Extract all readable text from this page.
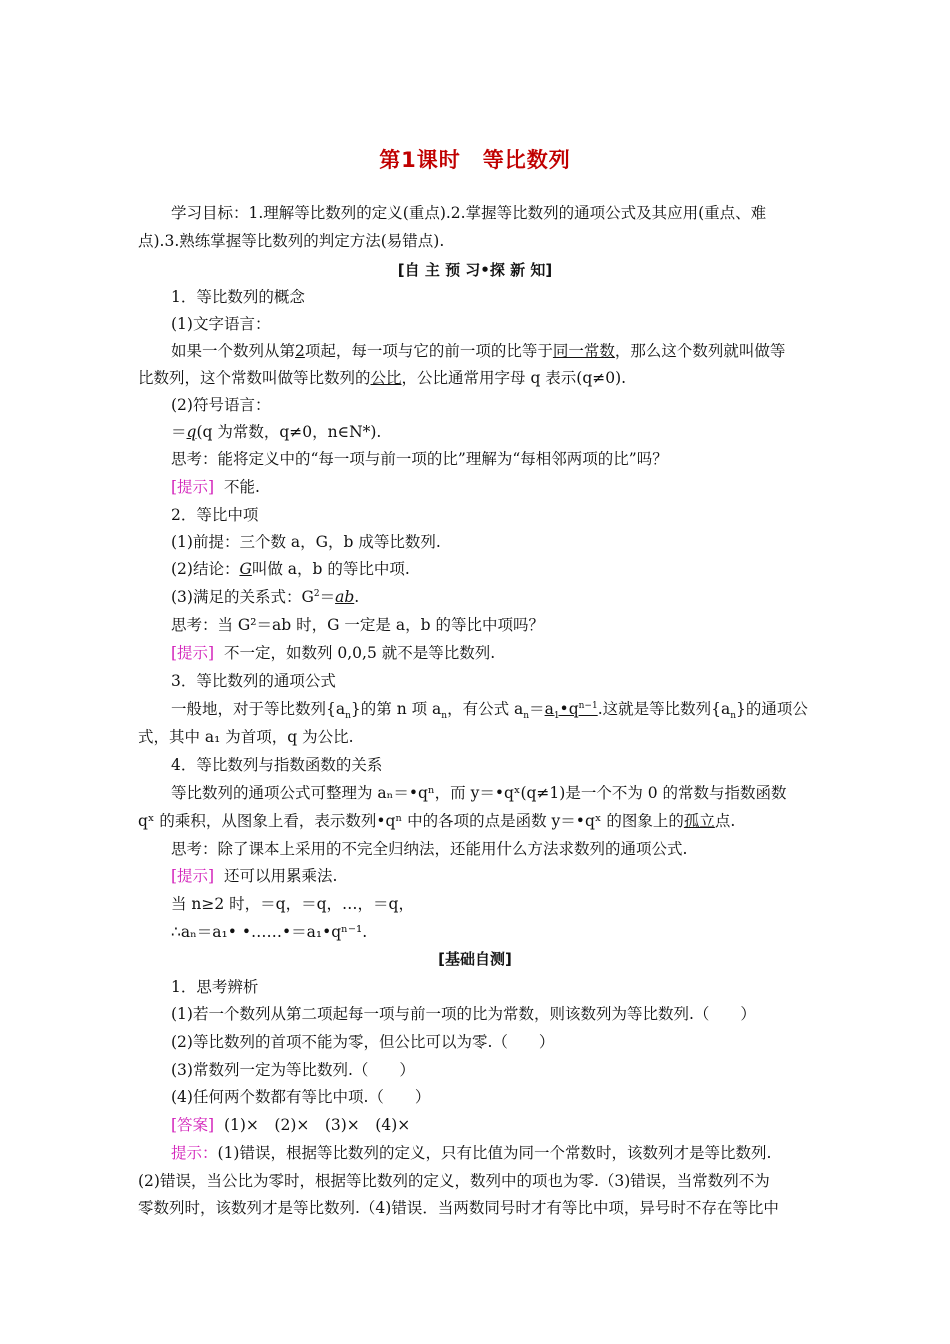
第1课时　等比数列
学习目标：1.理解等比数列的定义(重点).2.掌握等比数列的通项公式及其应用(重点、难
点).3.熟练掌握等比数列的判定方法(易错点).
[自 主 预 习•探 新 知]
1．等比数列的概念
(1)文字语言：
如果一个数列从第2项起，每一项与它的前一项的比等于同一常数，那么这个数列就叫做等
比数列，这个常数叫做等比数列的公比，公比通常用字母 q 表示(q≠0).
(2)符号语言：
＝q(q 为常数，q≠0，n∈N*).
思考：能将定义中的“每一项与前一项的比”理解为“每相邻两项的比”吗？
[提示] 不能.
2．等比中项
(1)前提：三个数 a，G，b 成等比数列.
(2)结论：G叫做 a，b 的等比中项.
(3)满足的关系式：$G^2=ab$.
思考：当 G²＝ab 时，G 一定是 a，b 的等比中项吗？
[提示] 不一定，如数列 0,0,5 就不是等比数列.
3．等比数列的通项公式
一般地，对于等比数列$\{a_n\}$的第 n 项 $a_n$，有公式 $a_n=a_1•q^{n-1}$.这就是等比数列$\{a_n\}$的通项公
式，其中 a₁ 为首项，q 为公比.
4．等比数列与指数函数的关系
等比数列的通项公式可整理为 aₙ＝•qⁿ，而 y＝•qˣ(q≠1)是一个不为 0 的常数与指数函数
qˣ 的乘积，从图象上看，表示数列•qⁿ 中的各项的点是函数 y＝•qˣ 的图象上的孤立点.
思考：除了课本上采用的不完全归纳法，还能用什么方法求数列的通项公式.
[提示] 还可以用累乘法.
当 n≥2 时，＝q，＝q，…，＝q，
∴aₙ＝a₁• •……•＝a₁•qⁿ⁻¹.
[基础自测]
1．思考辨析
(1)若一个数列从第二项起每一项与前一项的比为常数，则该数列为等比数列.（　　）
(2)等比数列的首项不能为零，但公比可以为零.（　　）
(3)常数列一定为等比数列.（　　）
(4)任何两个数都有等比中项.（　　）
[答案] (1)×　(2)×　(3)×　(4)×
提示：(1)错误，根据等比数列的定义，只有比值为同一个常数时，该数列才是等比数列.
(2)错误，当公比为零时，根据等比数列的定义，数列中的项也为零.（3)错误，当常数列不为
零数列时，该数列才是等比数列.（4)错误．当两数同号时才有等比中项，异号时不存在等比中
